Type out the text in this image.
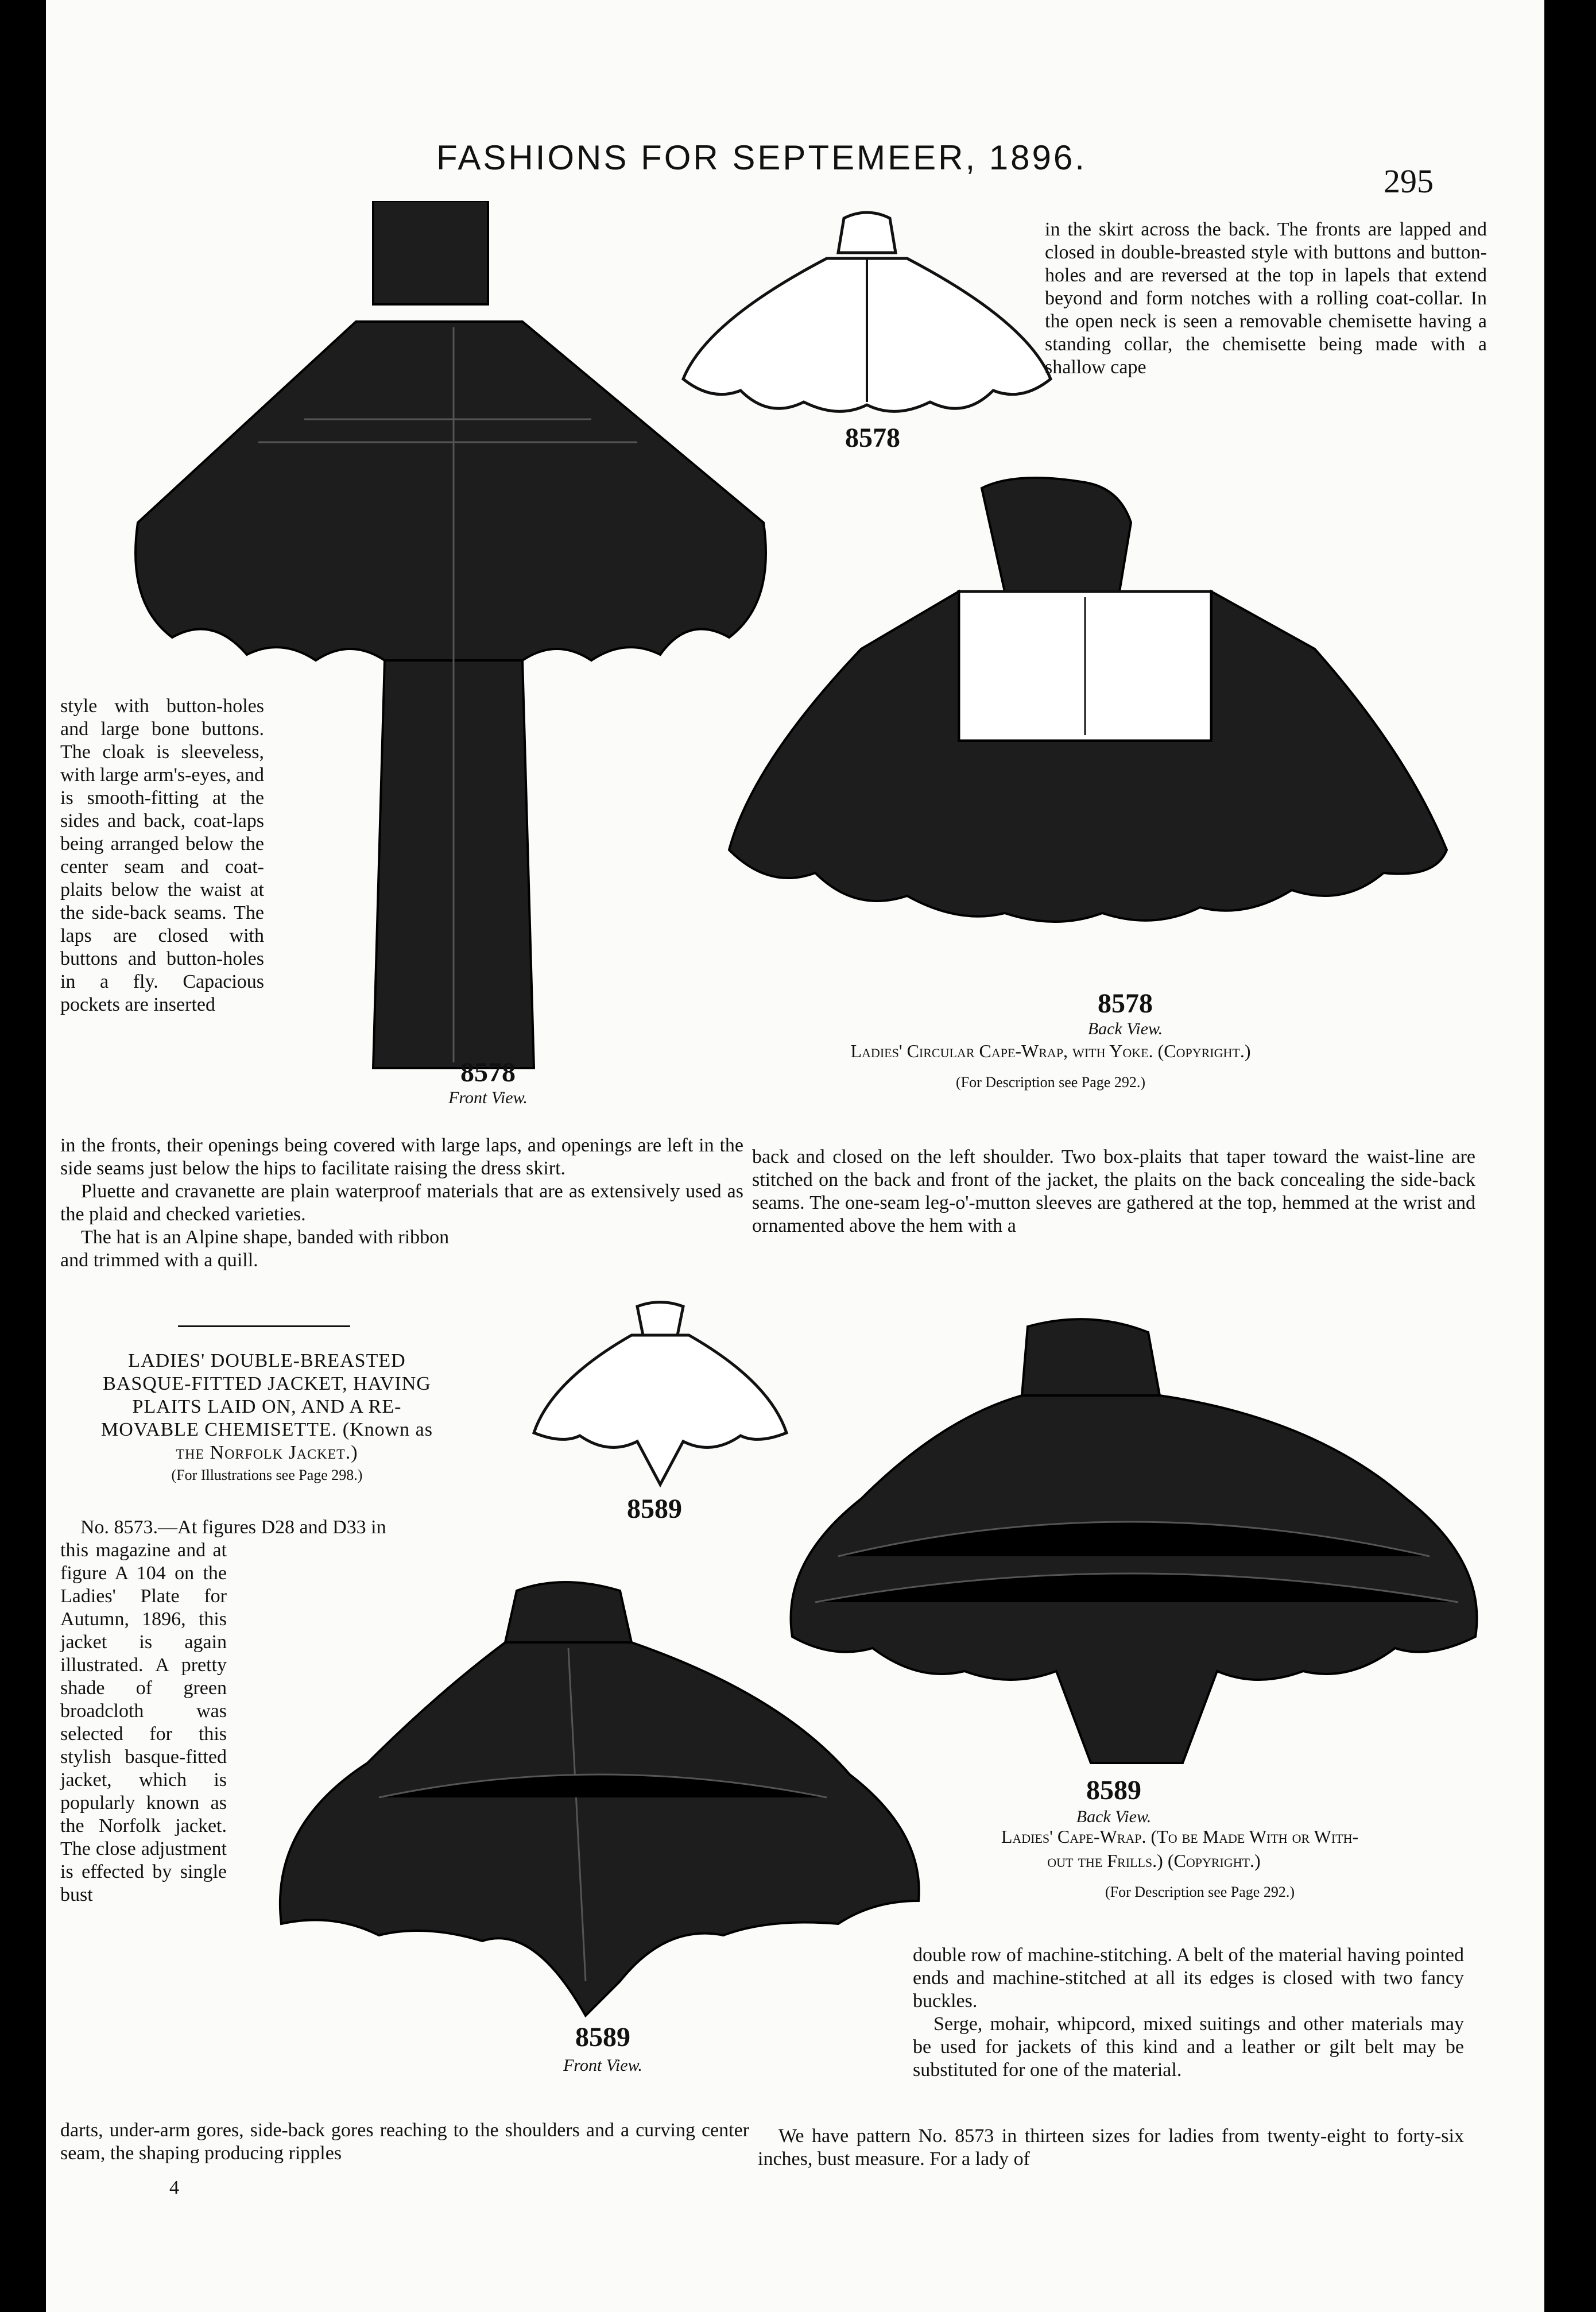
FASHIONS FOR SEPTEMEER, 1896.
295
8578
Front View.
8578
8578
Back View.
Ladies' Circular Cape-Wrap, with Yoke. (Copyright.)
(For Description see Page 292.)
in the skirt across the back. The fronts are lapped and closed in double-breasted style with buttons and button-holes and are reversed at the top in lapels that extend beyond and form notches with a rolling coat-collar. In the open neck is seen a removable chemisette having a standing collar, the chemisette being made with a shallow cape
style with button-holes and large bone buttons. The cloak is sleeveless, with large arm's-eyes, and is smooth-fitting at the sides and back, coat-laps being arranged below the center seam and coat-plaits below the waist at the side-back seams. The laps are closed with buttons and button-holes in a fly. Capacious pockets are inserted

in the fronts, their openings being covered with large laps, and openings are left in the side seams just below the hips to facilitate raising the dress skirt.

Pluette and cravanette are plain waterproof materials that are as extensively used as the plaid and checked varieties.

The hat is an Alpine shape, banded with ribbon and trimmed with a quill.

back and closed on the left shoulder. Two box-plaits that taper toward the waist-line are stitched on the back and front of the jacket, the plaits on the back concealing the side-back seams. The one-seam leg-o'-mutton sleeves are gathered at the top, hemmed at the wrist and ornamented above the hem with a
LADIES' DOUBLE-BREASTED
BASQUE-FITTED JACKET, HAVING
PLAITS LAID ON, AND A RE-
MOVABLE CHEMISETTE. (Known as
the Norfolk Jacket.)
(For Illustrations see Page 298.)
No. 8573.—At figures D28 and D33 in
8589
8589
Front View.
8589
Back View.
Ladies' Cape-Wrap. (To be Made With or With-
out the Frills.) (Copyright.)
(For Description see Page 292.)
this magazine and at figure A 104 on the Ladies' Plate for Autumn, 1896, this jacket is again illustrated. A pretty shade of green broadcloth was selected for this stylish basque-fitted jacket, which is popularly known as the Norfolk jacket. The close adjustment is effected by single bust
darts, under-arm gores, side-back gores reaching to the shoulders and a curving center seam, the shaping producing ripples

double row of machine-stitching. A belt of the material having pointed ends and machine-stitched at all its edges is closed with two fancy buckles.

Serge, mohair, whipcord, mixed suitings and other materials may be used for jackets of this kind and a leather or gilt belt may be substituted for one of the material.

We have pattern No. 8573 in thirteen sizes for ladies from twenty-eight to forty-six inches, bust measure. For a lady of
4
